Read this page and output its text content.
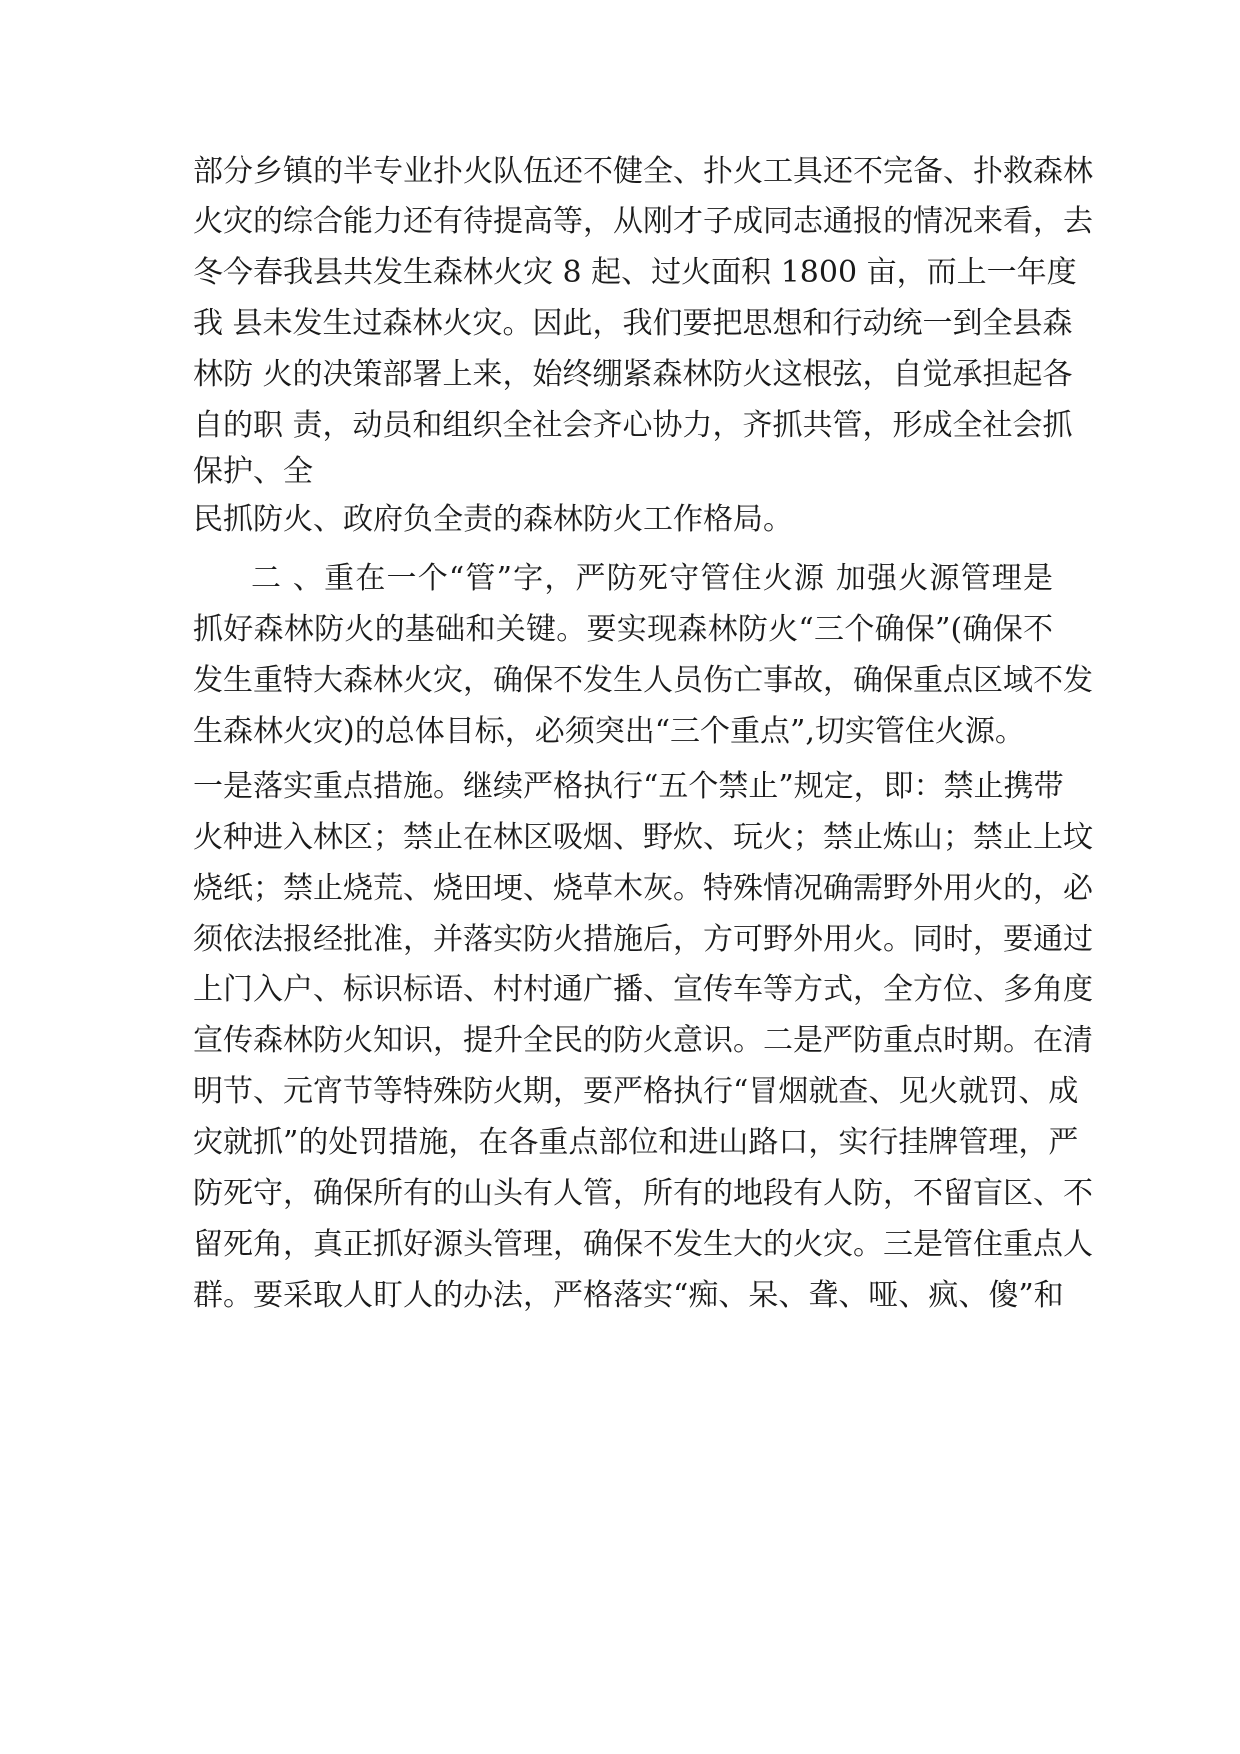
部分乡镇的半专业扑火队伍还不健全、扑火工具还不完备、扑救森林
火灾的综合能力还有待提高等，从刚才子成同志通报的情况来看，去
冬今春我县共发生森林火灾 8 起、过火面积 1800 亩，而上一年度
我 县未发生过森林火灾。因此，我们要把思想和行动统一到全县森
林防 火的决策部署上来，始终绷紧森林防火这根弦，自觉承担起各
自的职 责，动员和组织全社会齐心协力，齐抓共管，形成全社会抓
保护、全
民抓防火、政府负全责的森林防火工作格局。
二 、重在一个“管”字，严防死守管住火源 加强火源管理是
抓好森林防火的基础和关键。要实现森林防火“三个确保”(确保不
发生重特大森林火灾，确保不发生人员伤亡事故，确保重点区域不发
生森林火灾)的总体目标，必须突出“三个重点”,切实管住火源。
一是落实重点措施。继续严格执行“五个禁止”规定，即：禁止携带
火种进入林区；禁止在林区吸烟、野炊、玩火；禁止炼山；禁止上坟
烧纸；禁止烧荒、烧田埂、烧草木灰。特殊情况确需野外用火的，必
须依法报经批准，并落实防火措施后，方可野外用火。同时，要通过
上门入户、标识标语、村村通广播、宣传车等方式，全方位、多角度
宣传森林防火知识，提升全民的防火意识。二是严防重点时期。在清
明节、元宵节等特殊防火期，要严格执行“冒烟就查、见火就罚、成
灾就抓”的处罚措施，在各重点部位和进山路口，实行挂牌管理，严
防死守，确保所有的山头有人管，所有的地段有人防，不留盲区、不
留死角，真正抓好源头管理，确保不发生大的火灾。三是管住重点人
群。要采取人盯人的办法，严格落实“痴、呆、聋、哑、疯、傻”和
